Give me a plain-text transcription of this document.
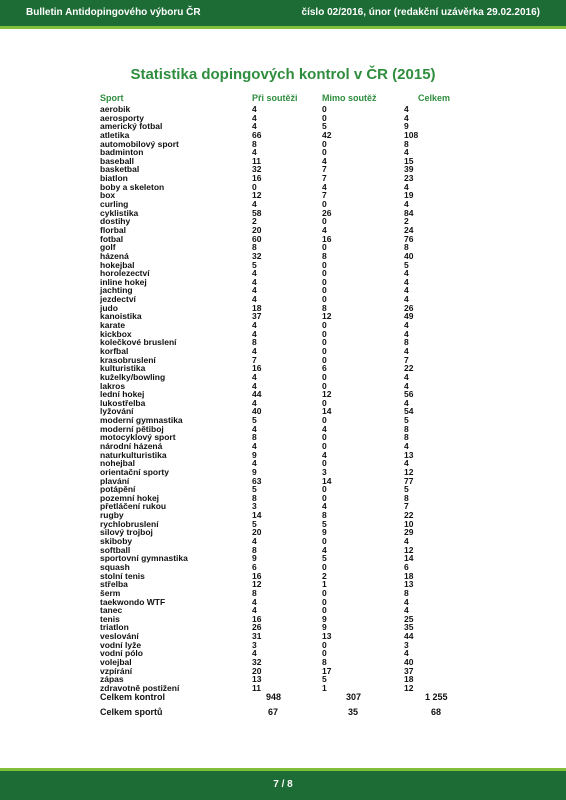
Bulletin Antidopingového výboru ČR	číslo 02/2016, únor (redakční uzávěrka 29.02.2016)
Statistika dopingových kontrol v ČR (2015)
Sport	Při soutěži	Mimo soutěž	Celkem
aerobik	4	0	4
aerosporty	4	0	4
americký fotbal	4	5	9
atletika	66	42	108
automobilový sport	8	0	8
badminton	4	0	4
baseball	11	4	15
basketbal	32	7	39
biatlon	16	7	23
boby a skeleton	0	4	4
box	12	7	19
curling	4	0	4
cyklistika	58	26	84
dostihy	2	0	2
florbal	20	4	24
fotbal	60	16	76
golf	8	0	8
házená	32	8	40
hokejbal	5	0	5
horolezectví	4	0	4
inline hokej	4	0	4
jachting	4	0	4
jezdectví	4	0	4
judo	18	8	26
kanoistika	37	12	49
karate	4	0	4
kickbox	4	0	4
kolečkové bruslení	8	0	8
korfbal	4	0	4
krasobruslení	7	0	7
kulturistika	16	6	22
kuželky/bowling	4	0	4
lakros	4	0	4
lední hokej	44	12	56
lukostřelba	4	0	4
lyžování	40	14	54
moderní gymnastika	5	0	5
moderní pětiboj	4	4	8
motocyklový sport	8	0	8
národní házená	4	0	4
naturkulturistika	9	4	13
nohejbal	4	0	4
orientační sporty	9	3	12
plavání	63	14	77
potápění	5	0	5
pozemní hokej	8	0	8
přetláčení rukou	3	4	7
rugby	14	8	22
rychlobruslení	5	5	10
silový trojboj	20	9	29
skiboby	4	0	4
softball	8	4	12
sportovní gymnastika	9	5	14
squash	6	0	6
stolní tenis	16	2	18
střelba	12	1	13
šerm	8	0	8
taekwondo WTF	4	0	4
tanec	4	0	4
tenis	16	9	25
triatlon	26	9	35
veslování	31	13	44
vodní lyže	3	0	3
vodní pólo	4	0	4
volejbal	32	8	40
vzpírání	20	17	37
zápas	13	5	18
zdravotně postižení	11	1	12
Celkem kontrol	948	307	1 255
Celkem sportů	67	35	68
7 / 8
